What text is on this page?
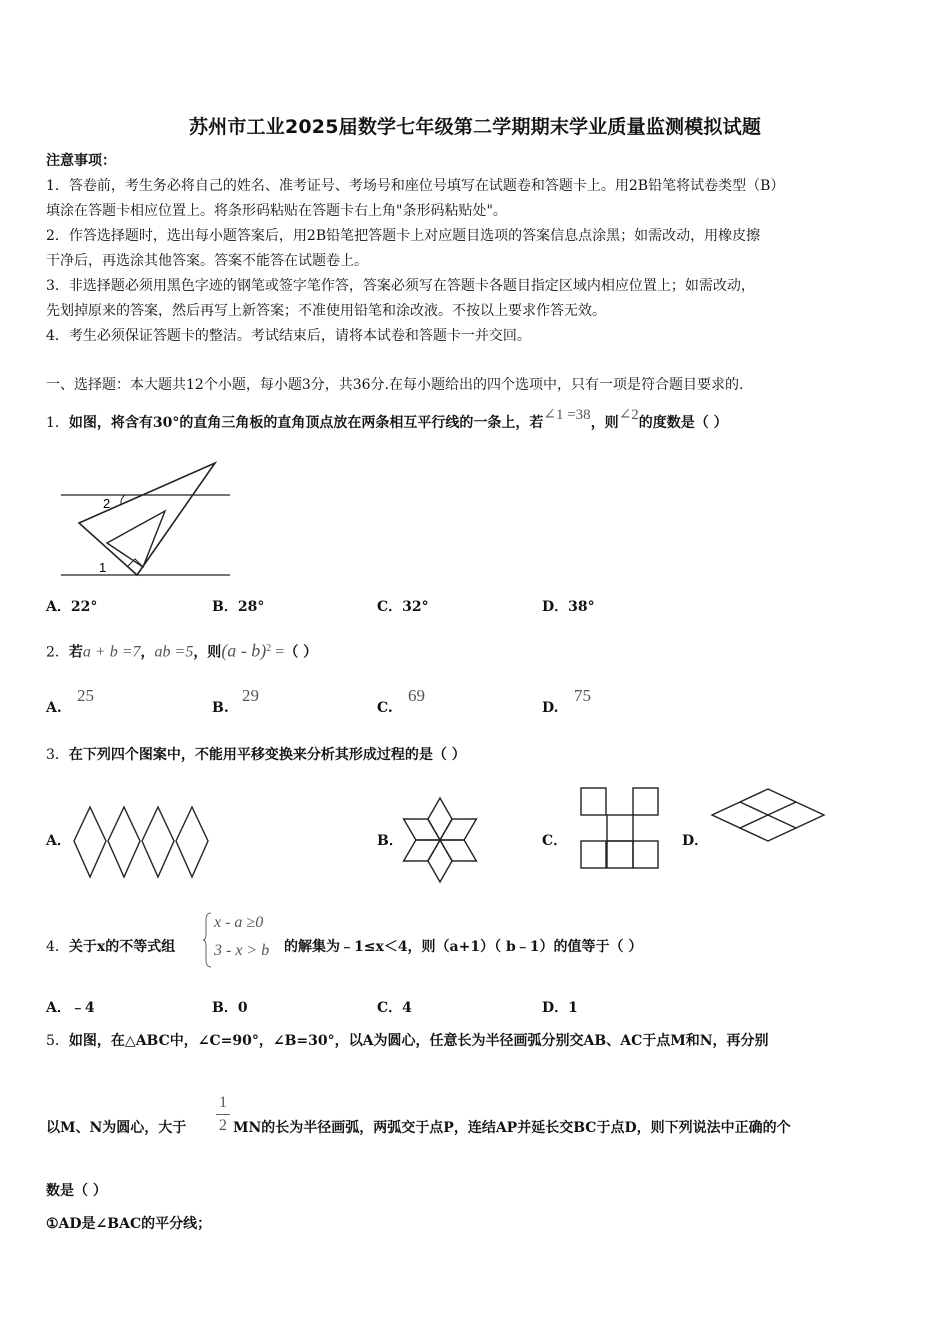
苏州市工业2025届数学七年级第二学期期末学业质量监测模拟试题
注意事项：
1．答卷前，考生务必将自己的姓名、准考证号、考场号和座位号填写在试题卷和答题卡上。用2B铅笔将试卷类型（B）
填涂在答题卡相应位置上。将条形码粘贴在答题卡右上角"条形码粘贴处"。
2．作答选择题时，选出每小题答案后，用2B铅笔把答题卡上对应题目选项的答案信息点涂黑；如需改动，用橡皮擦
干净后，再选涂其他答案。答案不能答在试题卷上。
3．非选择题必须用黑色字迹的钢笔或签字笔作答，答案必须写在答题卡各题目指定区域内相应位置上；如需改动，
先划掉原来的答案，然后再写上新答案；不准使用铅笔和涂改液。不按以上要求作答无效。
4．考生必须保证答题卡的整洁。考试结束后，请将本试卷和答题卡一并交回。
一、选择题：本大题共12个小题，每小题3分，共36分.在每小题给出的四个选项中，只有一项是符合题目要求的.
1．如图，将含有30°的直角三角板的直角顶点放在两条相互平行线的一条上，若∠1 =38，则∠2的度数是（ ）
2
1
A．22°	B．28°	C．32°	D．38°
2．若a + b =7，ab =5，则(a - b)$^2$ =（ ）
A.
25
B.
29
C.
69
D.
75
3．在下列四个图案中，不能用平移变换来分析其形成过程的是（ ）
A．	B．	C．	D．
x - a ≥0
3 - x > b
4．关于x的不等式组	的解集为﹣1≤x＜4，则（a+1）（ b﹣1）的值等于（ ）
A．﹣4	B．0	C．4	D．1
5．如图，在△ABC中，∠C=90°，∠B=30°，以A为圆心，任意长为半径画弧分别交AB、AC于点M和N，再分别
以M、N为圆心，大于
1
2 MN的长为半径画弧，两弧交于点P，连结AP并延长交BC于点D，则下列说法中正确的个
数是（ ）
①AD是∠BAC的平分线；
